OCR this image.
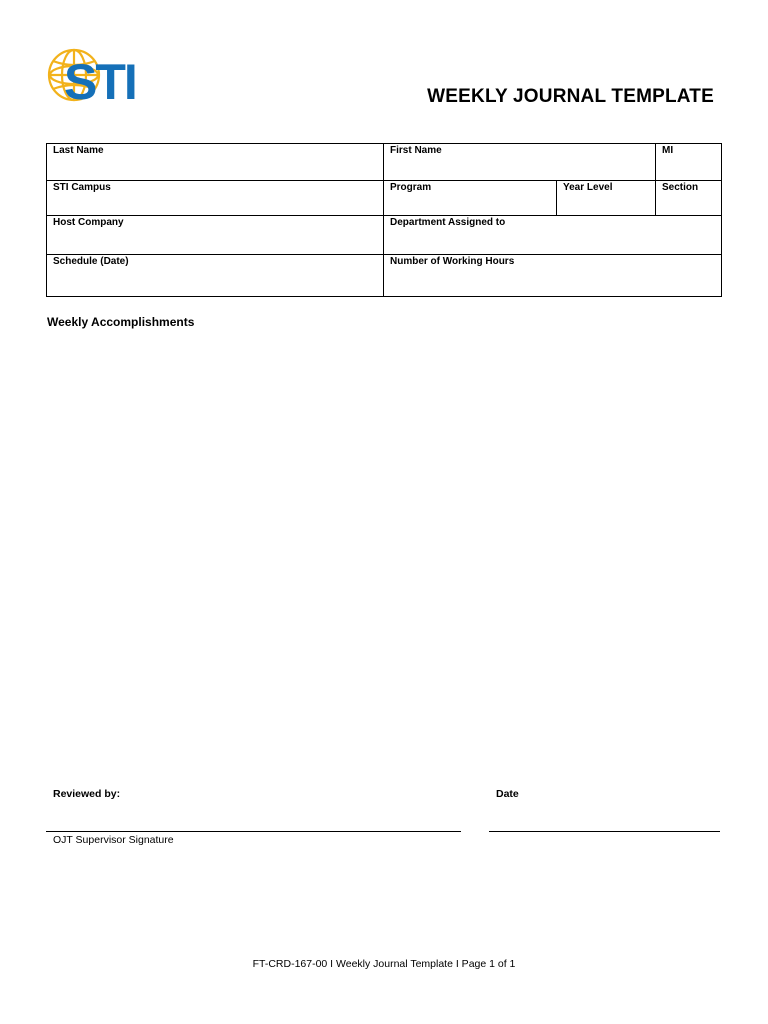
STI	WEEKLY JOURNAL TEMPLATE
Last Name	First Name		MI
STI Campus	Program	Year Level	Section
Host Company	Department Assigned to		
Schedule (Date)	Number of Working Hours		
Weekly Accomplishments
Reviewed by:	Date
OJT Supervisor Signature
FT-CRD-167-00 I Weekly Journal Template I Page 1 of 1
